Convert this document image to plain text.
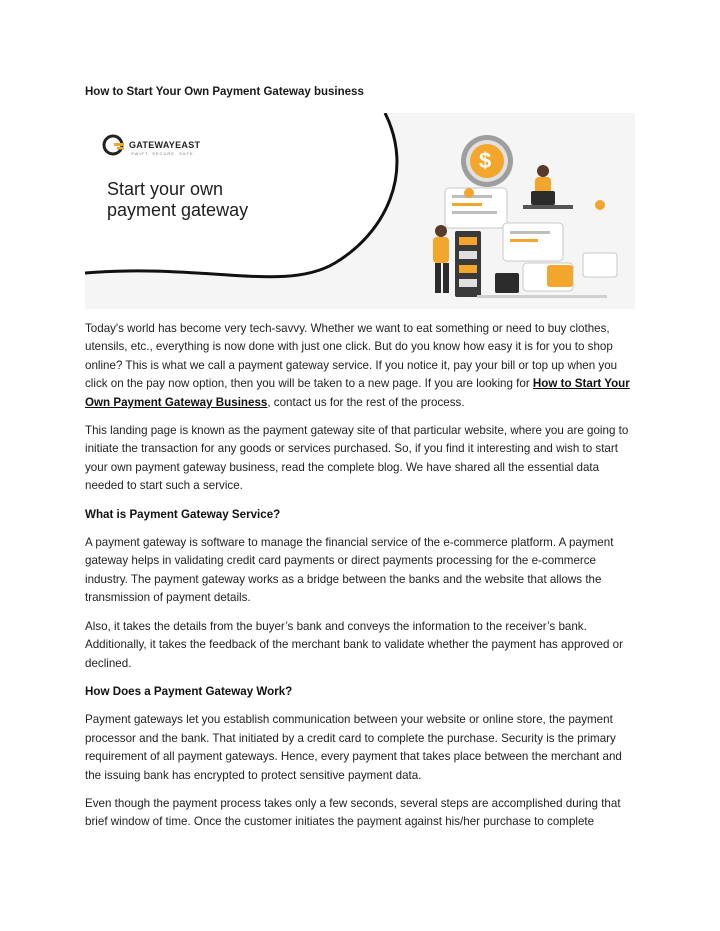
How to Start Your Own Payment Gateway business
GATEWAYEAST
SWIFT. SECURE. SAFE.
Start your own
payment gateway
$

Today's world has become very tech-savvy. Whether we want to eat something or need to buy clothes, utensils, etc., everything is now done with just one click. But do you know how easy it is for you to shop online? This is what we call a payment gateway service. If you notice it, pay your bill or top up when you click on the pay now option, then you will be taken to a new page. If you are looking for How to Start Your Own Payment Gateway Business, contact us for the rest of the process.

This landing page is known as the payment gateway site of that particular website, where you are going to initiate the transaction for any goods or services purchased. So, if you find it interesting and wish to start your own payment gateway business, read the complete blog. We have shared all the essential data needed to start such a service.

What is Payment Gateway Service?

A payment gateway is software to manage the financial service of the e-commerce platform. A payment gateway helps in validating credit card payments or direct payments processing for the e-commerce industry. The payment gateway works as a bridge between the banks and the website that allows the transmission of payment details.

Also, it takes the details from the buyer’s bank and conveys the information to the receiver’s bank. Additionally, it takes the feedback of the merchant bank to validate whether the payment has approved or declined.

How Does a Payment Gateway Work?

Payment gateways let you establish communication between your website or online store, the payment processor and the bank. That initiated by a credit card to complete the purchase. Security is the primary requirement of all payment gateways. Hence, every payment that takes place between the merchant and the issuing bank has encrypted to protect sensitive payment data.

Even though the payment process takes only a few seconds, several steps are accomplished during that brief window of time. Once the customer initiates the payment against his/her purchase to complete
